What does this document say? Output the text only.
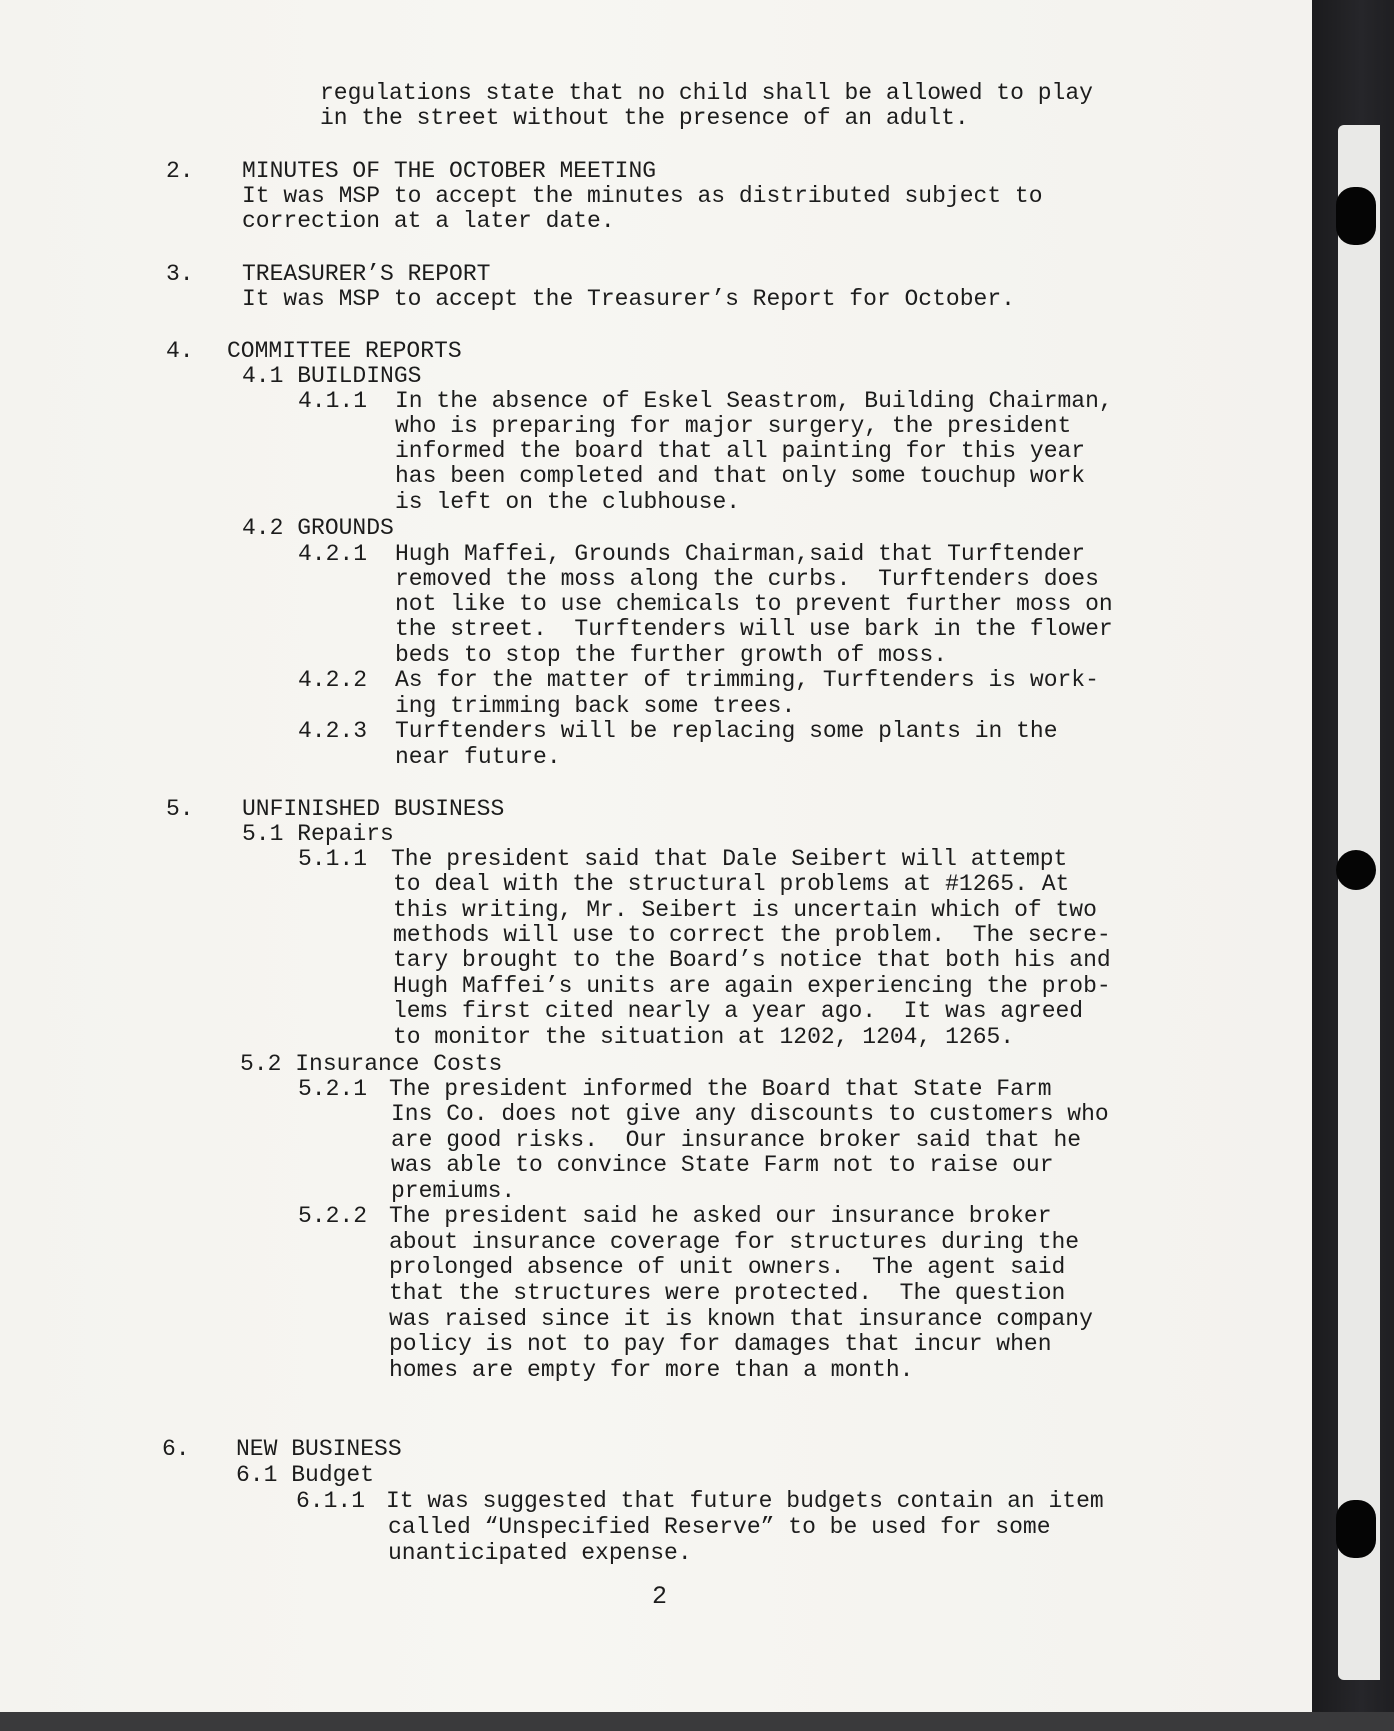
regulations state that no child shall be allowed to play
in the street without the presence of an adult.
2. MINUTES OF THE OCTOBER MEETING
It was MSP to accept the minutes as distributed subject to
correction at a later date.
3. TREASURER’S REPORT
It was MSP to accept the Treasurer’s Report for October.
4. COMMITTEE REPORTS
4.1 BUILDINGS
4.1.1 In the absence of Eskel Seastrom, Building Chairman,
who is preparing for major surgery, the president
informed the board that all painting for this year
has been completed and that only some touchup work
is left on the clubhouse.
4.2 GROUNDS
4.2.1 Hugh Maffei, Grounds Chairman,said that Turftender
removed the moss along the curbs.  Turftenders does
not like to use chemicals to prevent further moss on
the street.  Turftenders will use bark in the flower
beds to stop the further growth of moss.
4.2.2 As for the matter of trimming, Turftenders is work-
ing trimming back some trees.
4.2.3 Turftenders will be replacing some plants in the
near future.
5. UNFINISHED BUSINESS
5.1 Repairs
5.1.1 The president said that Dale Seibert will attempt
to deal with the structural problems at #1265. At
this writing, Mr. Seibert is uncertain which of two
methods will use to correct the problem.  The secre-
tary brought to the Board’s notice that both his and
Hugh Maffei’s units are again experiencing the prob-
lems first cited nearly a year ago.  It was agreed
to monitor the situation at 1202, 1204, 1265.
5.2 Insurance Costs
5.2.1 The president informed the Board that State Farm
Ins Co. does not give any discounts to customers who
are good risks.  Our insurance broker said that he
was able to convince State Farm not to raise our
premiums.
5.2.2 The president said he asked our insurance broker
about insurance coverage for structures during the
prolonged absence of unit owners.  The agent said
that the structures were protected.  The question
was raised since it is known that insurance company
policy is not to pay for damages that incur when
homes are empty for more than a month.
6. NEW BUSINESS
6.1 Budget
6.1.1 It was suggested that future budgets contain an item
called “Unspecified Reserve” to be used for some
unanticipated expense.
2
